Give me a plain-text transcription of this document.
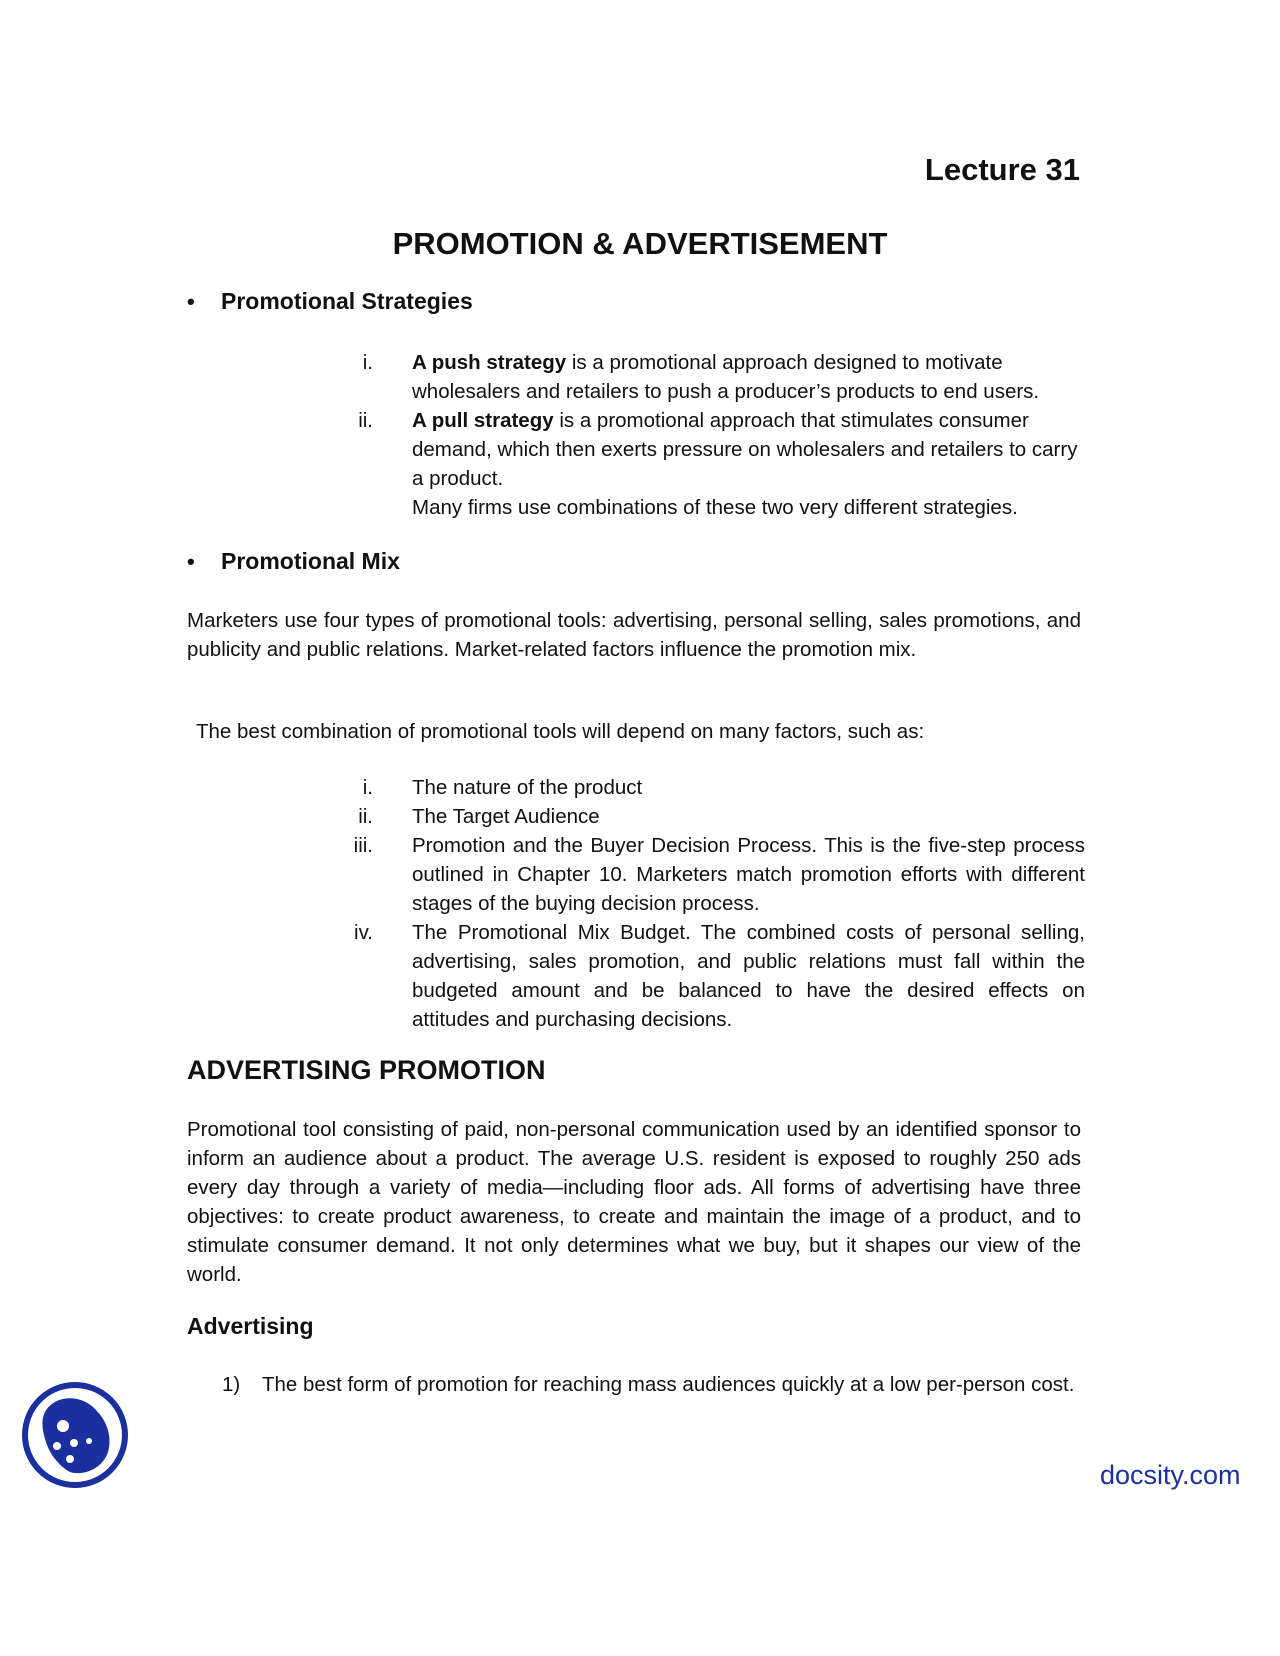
Lecture 31
PROMOTION & ADVERTISEMENT
• Promotional Strategies

i. A push strategy is a promotional approach designed to motivate wholesalers and retailers to push a producer’s products to end users.

ii. A pull strategy is a promotional approach that stimulates consumer demand, which then exerts pressure on wholesalers and retailers to carry a product.

Many firms use combinations of these two very different strategies.

• Promotional Mix

Marketers use four types of promotional tools: advertising, personal selling, sales promotions, and publicity and public relations. Market-related factors influence the promotion mix.

The best combination of promotional tools will depend on many factors, such as:

i. The nature of the product

ii. The Target Audience

iii. Promotion and the Buyer Decision Process. This is the five-step process outlined in Chapter 10. Marketers match promotion efforts with different stages of the buying decision process.

iv. The Promotional Mix Budget. The combined costs of personal selling, advertising, sales promotion, and public relations must fall within the budgeted amount and be balanced to have the desired effects on attitudes and purchasing decisions.

ADVERTISING PROMOTION

Promotional tool consisting of paid, non-personal communication used by an identified sponsor to inform an audience about a product. The average U.S. resident is exposed to roughly 250 ads every day through a variety of media—including floor ads. All forms of advertising have three objectives: to create product awareness, to create and maintain the image of a product, and to stimulate consumer demand. It not only determines what we buy, but it shapes our view of the world.

Advertising

1) The best form of promotion for reaching mass audiences quickly at a low per-person cost.

docsity.com
